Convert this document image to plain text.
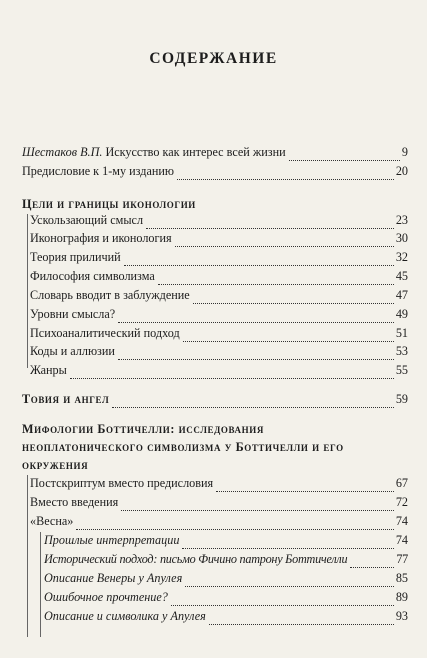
СОДЕРЖАНИЕ
Шестаков В.П. Искусство как интерес всей жизни	9
Предисловие к 1-му изданию	20
Цели и границы иконологии
Ускользающий смысл	23
Иконография и иконология	30
Теория приличий	32
Философия символизма	45
Словарь вводит в заблуждение	47
Уровни смысла?	49
Психоаналитический подход	51
Коды и аллюзии	53
Жанры	55
Товия и ангел	59
Мифологии Боттичелли: исследования
неоплатонического символизма у Боттичелли и его
окружения
Постскриптум вместо предисловия	67
Вместо введения	72
«Весна»	74
Прошлые интерпретации	74
Исторический подход: письмо Фичино патрону Боттичелли	77
Описание Венеры у Апулея	85
Ошибочное прочтение?	89
Описание и символика у Апулея	93
